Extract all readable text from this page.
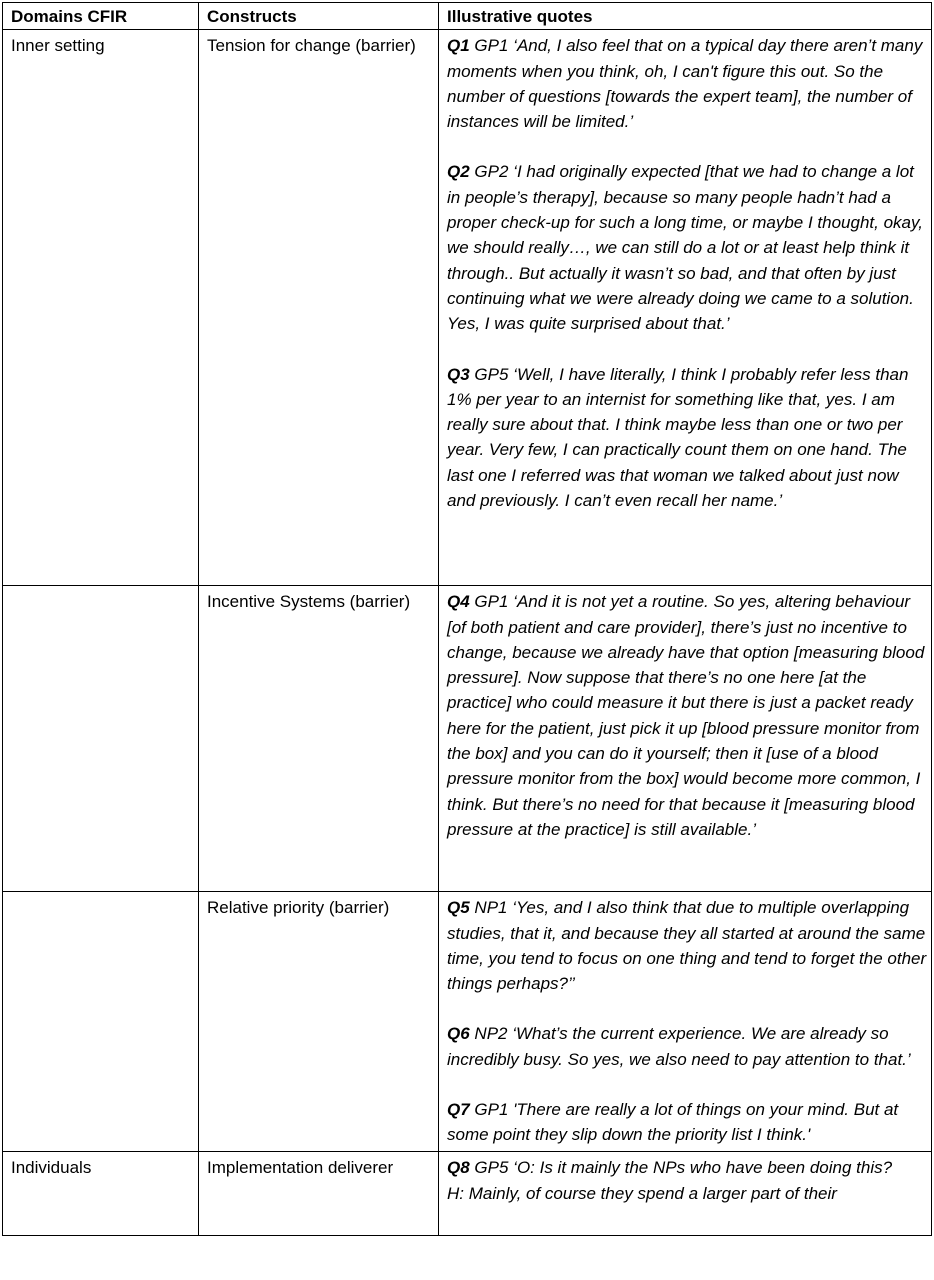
Domains CFIR	Constructs	Illustrative quotes
Inner setting	Tension for change (barrier)	Q1 GP1 ‘And, I also feel that on a typical day there aren’t many moments when you think, oh, I can't figure this out. So the number of questions [towards the expert team], the number of instances will be limited.’
Q2 GP2 ‘I had originally expected [that we had to change a lot in people’s therapy], because so many people hadn’t had a proper check-up for such a long time, or maybe I thought, okay, we should really…, we can still do a lot or at least help think it through.. But actually it wasn’t so bad, and that often by just continuing what we were already doing we came to a solution. Yes, I was quite surprised about that.’
Q3 GP5 ‘Well, I have literally, I think I probably refer less than 1% per year to an internist for something like that, yes. I am really sure about that. I think maybe less than one or two per year. Very few, I can practically count them on one hand. The last one I referred was that woman we talked about just now and previously. I can’t even recall her name.’

	Incentive Systems (barrier)	Q4 GP1 ‘And it is not yet a routine. So yes, altering behaviour [of both patient and care provider], there’s just no incentive to change, because we already have that option [measuring blood pressure]. Now suppose that there’s no one here [at the practice] who could measure it but there is just a packet ready here for the patient, just pick it up [blood pressure monitor from the box] and you can do it yourself; then it [use of a blood pressure monitor from the box] would become more common, I think. But there’s no need for that because it [measuring blood pressure at the practice] is still available.’

	Relative priority (barrier)	Q5 NP1 ‘Yes, and I also think that due to multiple overlapping studies, that it, and because they all started at around the same time, you tend to focus on one thing and tend to forget the other things perhaps?’’
Q6 NP2 ‘What’s the current experience. We are already so incredibly busy. So yes, we also need to pay attention to that.’
Q7 GP1 'There are really a lot of things on your mind. But at some point they slip down the priority list I think.'

Individuals	Implementation deliverer	Q8 GP5 ‘O: Is it mainly the NPs who have been doing this?
H: Mainly, of course they spend a larger part of their
